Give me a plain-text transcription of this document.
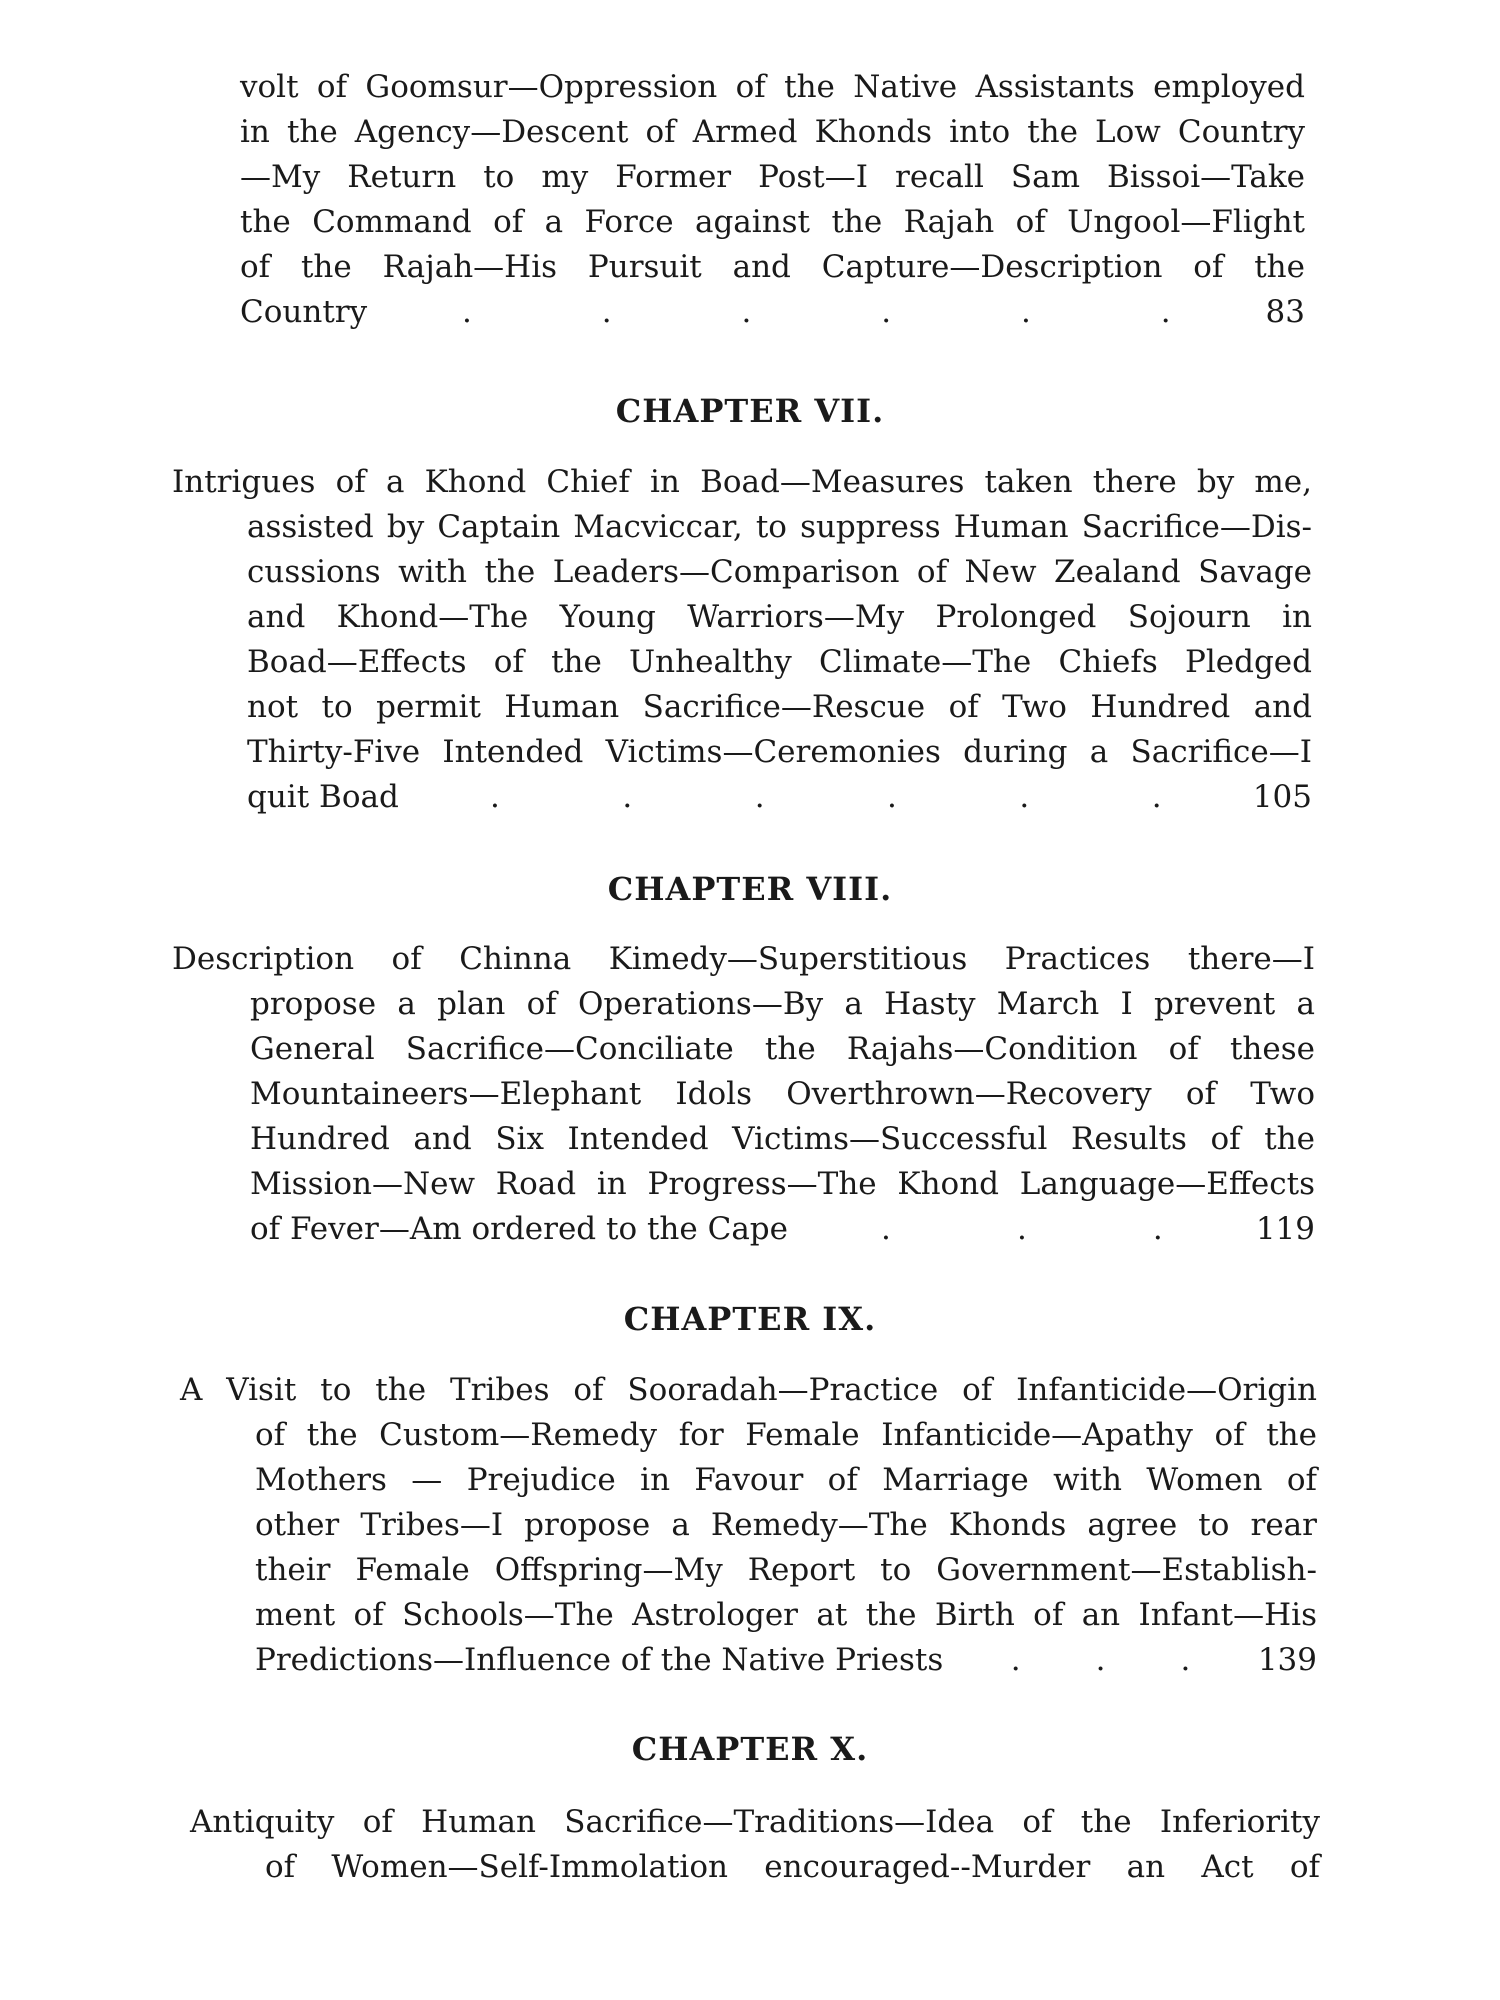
volt of Goomsur—Oppression of the Native Assistants employed
in the Agency—Descent of Armed Khonds into the Low Country
—My Return to my Former Post—I recall Sam Bissoi—Take
the Command of a Force against the Rajah of Ungool—Flight
of the Rajah—His Pursuit and Capture—Description of the
Country	.	.	.	.	.	.	83
CHAPTER VII.
Intrigues of a Khond Chief in Boad—Measures taken there by me,
assisted by Captain Macviccar, to suppress Human Sacrifice—Dis-
cussions with the Leaders—Comparison of New Zealand Savage
and Khond—The Young Warriors—My Prolonged Sojourn in
Boad—Effects of the Unhealthy Climate—The Chiefs Pledged
not to permit Human Sacrifice—Rescue of Two Hundred and
Thirty-Five Intended Victims—Ceremonies during a Sacrifice—I
quit Boad	.	.	.	.	.	.	105
CHAPTER VIII.
Description of Chinna Kimedy—Superstitious Practices there—I
propose a plan of Operations—By a Hasty March I prevent a
General Sacrifice—Conciliate the Rajahs—Condition of these
Mountaineers—Elephant Idols Overthrown—Recovery of Two
Hundred and Six Intended Victims—Successful Results of the
Mission—New Road in Progress—The Khond Language—Effects
of Fever—Am ordered to the Cape	.	.	.	119
CHAPTER IX.
A Visit to the Tribes of Sooradah—Practice of Infanticide—Origin
of the Custom—Remedy for Female Infanticide—Apathy of the
Mothers — Prejudice in Favour of Marriage with Women of
other Tribes—I propose a Remedy—The Khonds agree to rear
their Female Offspring—My Report to Government—Establish-
ment of Schools—The Astrologer at the Birth of an Infant—His
Predictions—Influence of the Native Priests . . . 139
CHAPTER X.
Antiquity of Human Sacrifice—Traditions—Idea of the Inferiority
of Women—Self-Immolation encouraged--Murder an Act of
